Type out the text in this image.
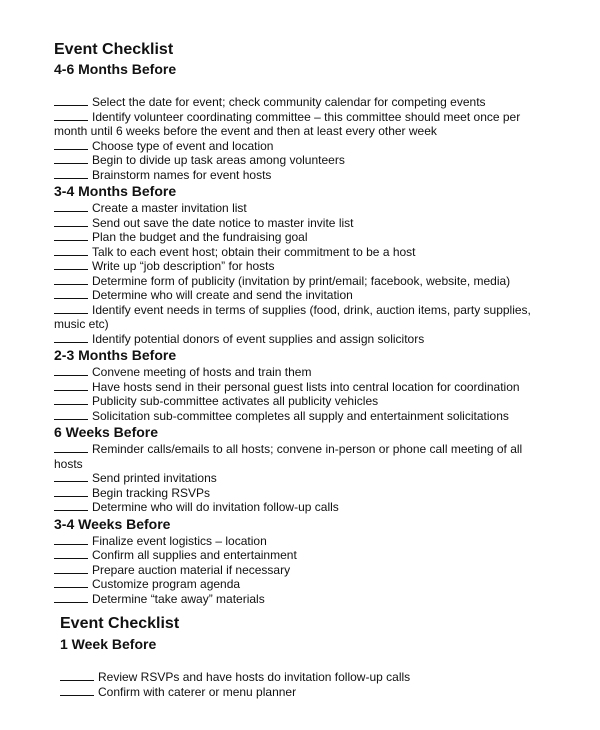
Event Checklist
4-6 Months Before
Select the date for event; check community calendar for competing events
Identify volunteer coordinating committee – this committee should meet once per month until 6 weeks before the event and then at least every other week
Choose type of event and location
Begin to divide up task areas among volunteers
Brainstorm names for event hosts
3-4 Months Before
Create a master invitation list
Send out save the date notice to master invite list
Plan the budget and the fundraising goal
Talk to each event host; obtain their commitment to be a host
Write up “job description” for hosts
Determine form of publicity (invitation by print/email; facebook, website, media)
Determine who will create and send the invitation
Identify event needs in terms of supplies (food, drink, auction items, party supplies, music etc)
Identify potential donors of event supplies and assign solicitors
2-3 Months Before
Convene meeting of hosts and train them
Have hosts send in their personal guest lists into central location for coordination
Publicity sub-committee activates all publicity vehicles
Solicitation sub-committee completes all supply and entertainment solicitations
6 Weeks Before
Reminder calls/emails to all hosts; convene in-person or phone call meeting of all hosts
Send printed invitations
Begin tracking RSVPs
Determine who will do invitation follow-up calls
3-4 Weeks Before
Finalize event logistics – location
Confirm all supplies and entertainment
Prepare auction material if necessary
Customize program agenda
Determine “take away” materials
Event Checklist
1 Week Before
Review RSVPs and have hosts do invitation follow-up calls
Confirm with caterer or menu planner
